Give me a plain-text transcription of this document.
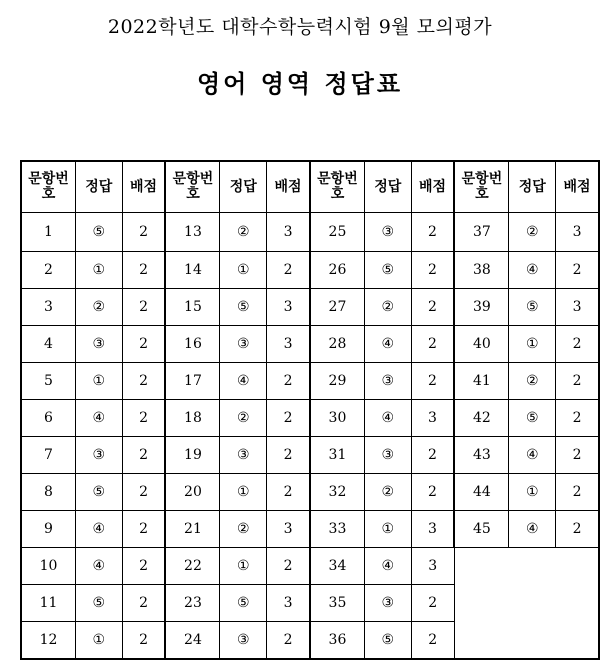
2022학년도 대학수학능력시험 9월 모의평가
영어 영역 정답표
문항번호	정답	배점	문항번호	정답	배점	문항번호	정답	배점	문항번호	정답	배점
1	⑤	2	13	②	3	25	③	2	37	②	3
2	①	2	14	①	2	26	⑤	2	38	④	2
3	②	2	15	⑤	3	27	②	2	39	⑤	3
4	③	2	16	③	3	28	④	2	40	①	2
5	①	2	17	④	2	29	③	2	41	②	2
6	④	2	18	②	2	30	④	3	42	⑤	2
7	③	2	19	③	2	31	③	2	43	④	2
8	⑤	2	20	①	2	32	②	2	44	①	2
9	④	2	21	②	3	33	①	3	45	④	2
10	④	2	22	①	2	34	④	3			
11	⑤	2	23	⑤	3	35	③	2			
12	①	2	24	③	2	36	⑤	2			
